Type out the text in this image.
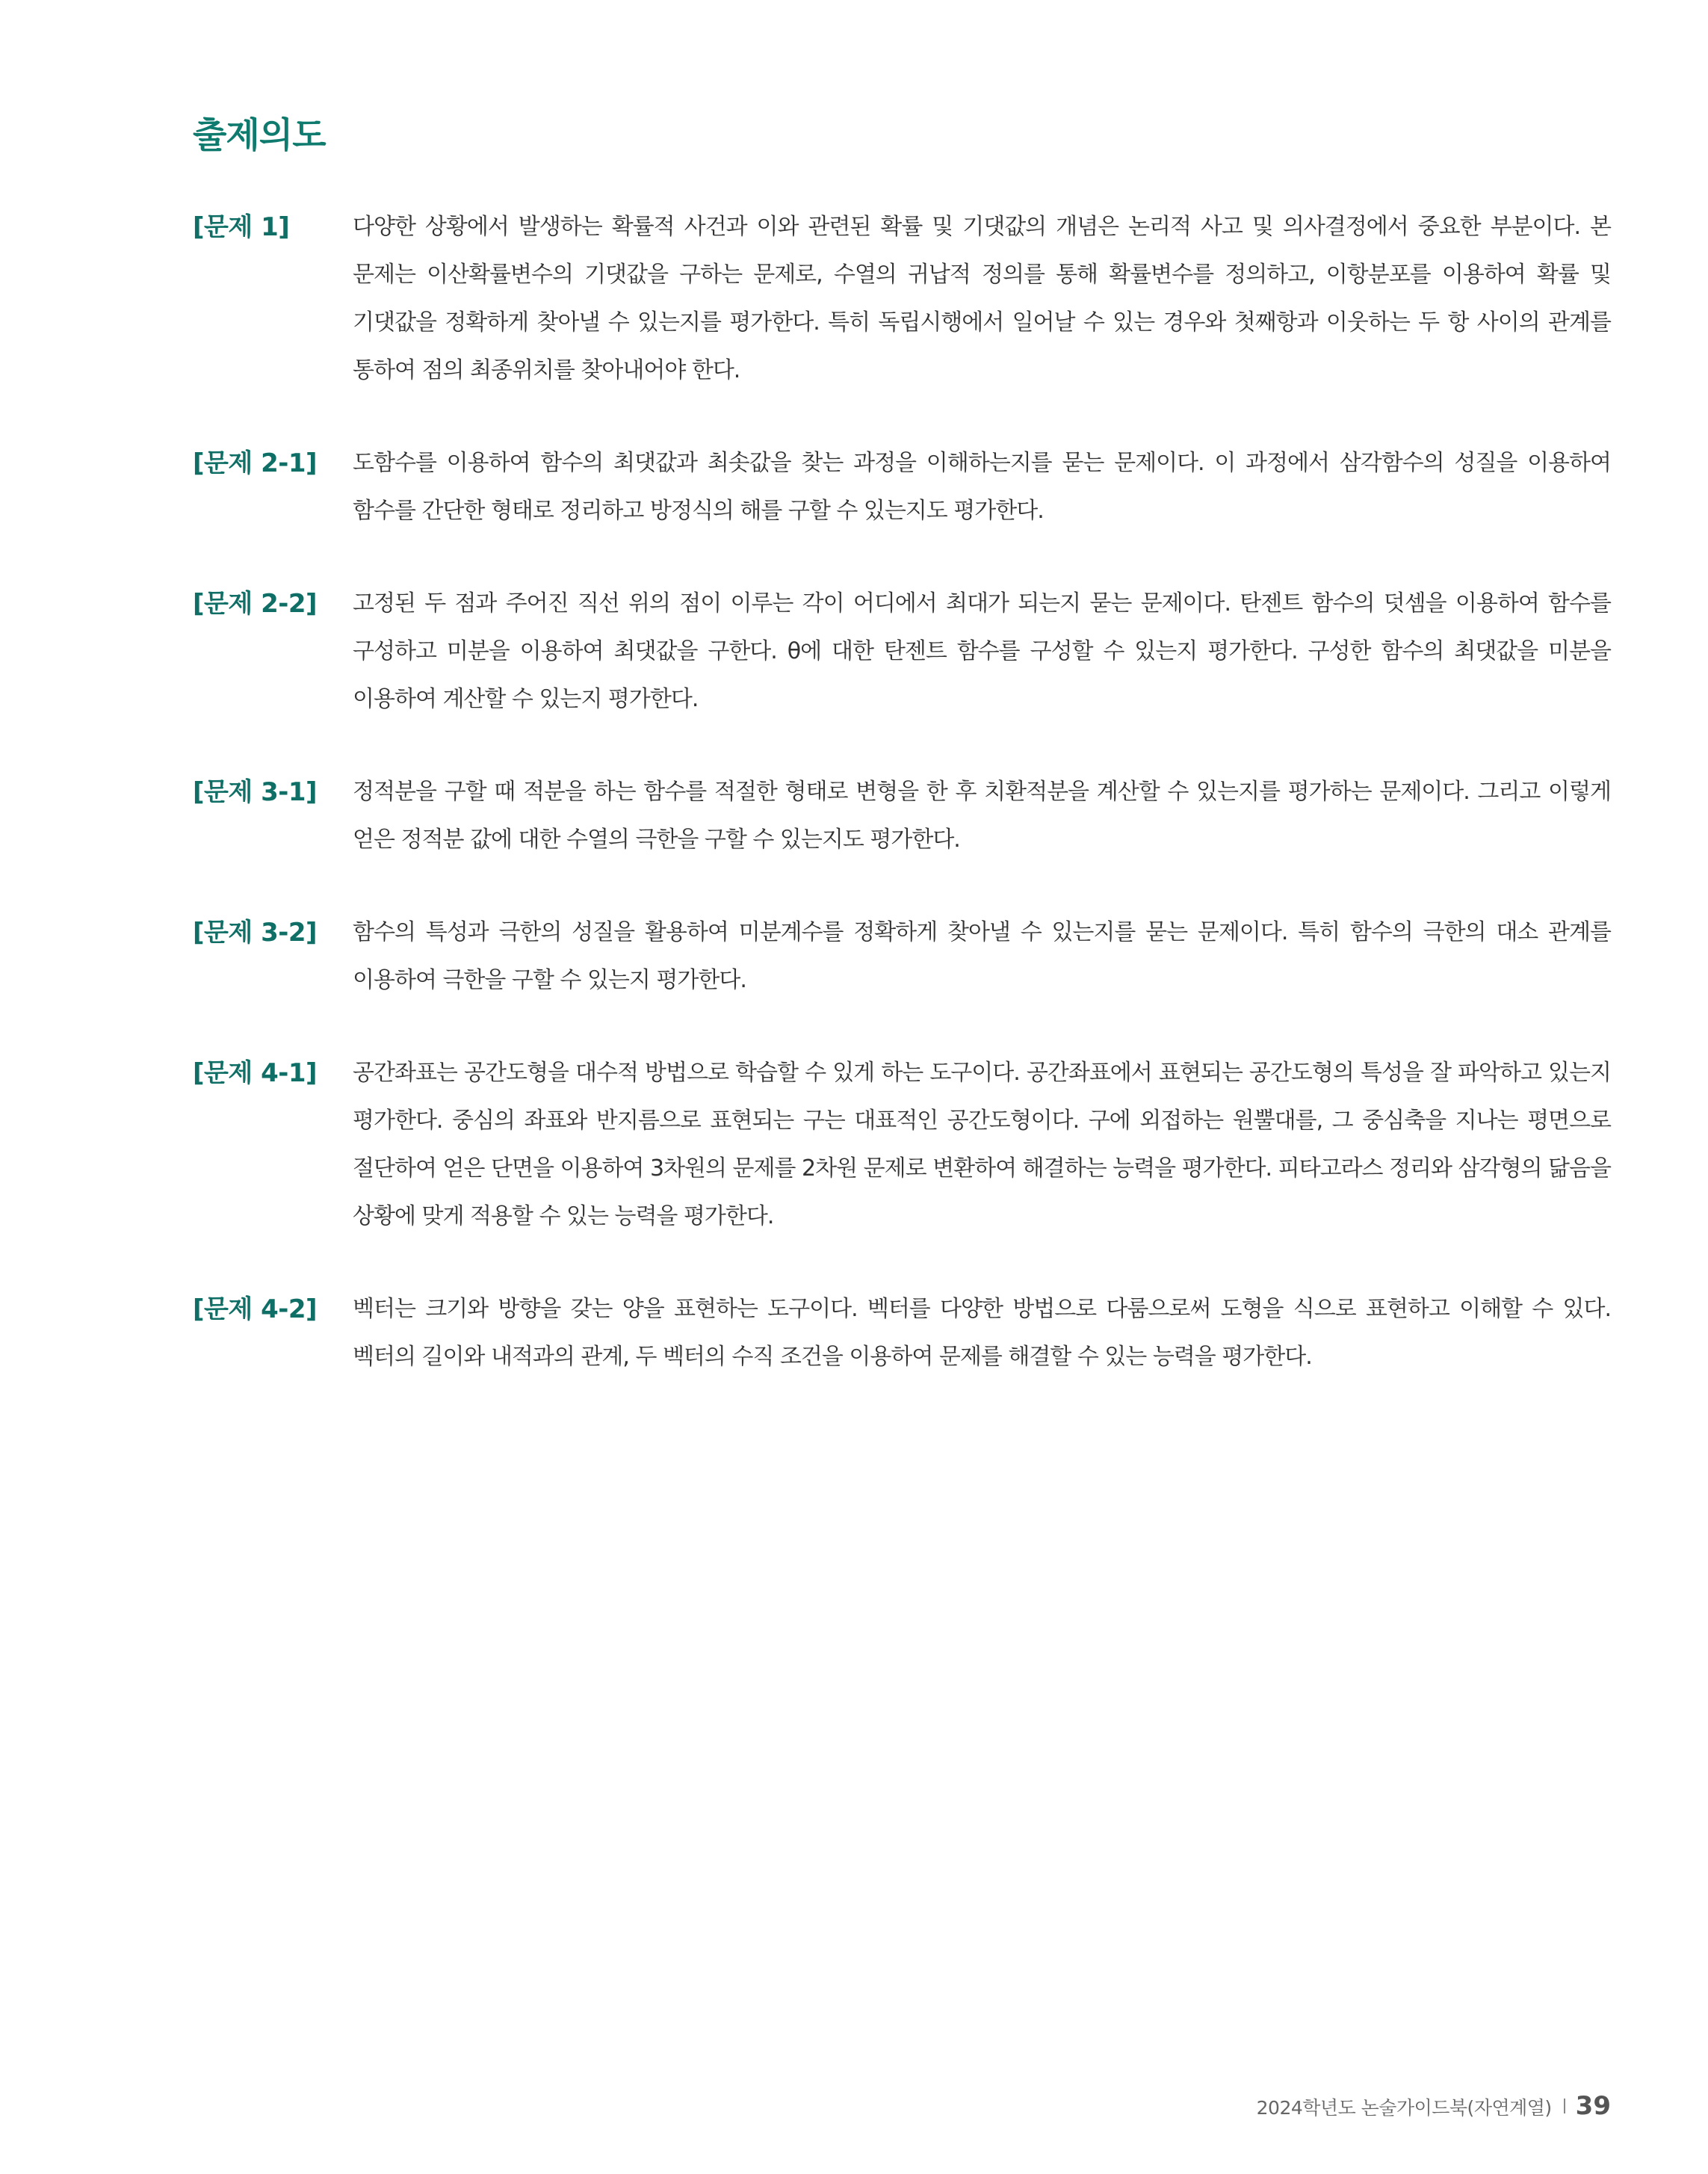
출제의도
[문제 1]	다양한 상황에서 발생하는 확률적 사건과 이와 관련된 확률 및 기댓값의 개념은 논리적 사고 및 의사결정에서 중요한 부분이다. 본 문제는 이산확률변수의 기댓값을 구하는 문제로, 수열의 귀납적 정의를 통해 확률변수를 정의하고, 이항분포를 이용하여 확률 및 기댓값을 정확하게 찾아낼 수 있는지를 평가한다. 특히 독립시행에서 일어날 수 있는 경우와 첫째항과 이웃하는 두 항 사이의 관계를 통하여 점의 최종위치를 찾아내어야 한다.

[문제 2-1]	도함수를 이용하여 함수의 최댓값과 최솟값을 찾는 과정을 이해하는지를 묻는 문제이다. 이 과정에서 삼각함수의 성질을 이용하여 함수를 간단한 형태로 정리하고 방정식의 해를 구할 수 있는지도 평가한다.

[문제 2-2]	고정된 두 점과 주어진 직선 위의 점이 이루는 각이 어디에서 최대가 되는지 묻는 문제이다. 탄젠트 함수의 덧셈을 이용하여 함수를 구성하고 미분을 이용하여 최댓값을 구한다. θ에 대한 탄젠트 함수를 구성할 수 있는지 평가한다. 구성한 함수의 최댓값을 미분을 이용하여 계산할 수 있는지 평가한다.

[문제 3-1]	정적분을 구할 때 적분을 하는 함수를 적절한 형태로 변형을 한 후 치환적분을 계산할 수 있는지를 평가하는 문제이다. 그리고 이렇게 얻은 정적분 값에 대한 수열의 극한을 구할 수 있는지도 평가한다.

[문제 3-2]	함수의 특성과 극한의 성질을 활용하여 미분계수를 정확하게 찾아낼 수 있는지를 묻는 문제이다. 특히 함수의 극한의 대소 관계를 이용하여 극한을 구할 수 있는지 평가한다.

[문제 4-1]	공간좌표는 공간도형을 대수적 방법으로 학습할 수 있게 하는 도구이다. 공간좌표에서 표현되는 공간도형의 특성을 잘 파악하고 있는지 평가한다. 중심의 좌표와 반지름으로 표현되는 구는 대표적인 공간도형이다. 구에 외접하는 원뿔대를, 그 중심축을 지나는 평면으로 절단하여 얻은 단면을 이용하여 3차원의 문제를 2차원 문제로 변환하여 해결하는 능력을 평가한다. 피타고라스 정리와 삼각형의 닮음을 상황에 맞게 적용할 수 있는 능력을 평가한다.

[문제 4-2]	벡터는 크기와 방향을 갖는 양을 표현하는 도구이다. 벡터를 다양한 방법으로 다룸으로써 도형을 식으로 표현하고 이해할 수 있다. 벡터의 길이와 내적과의 관계, 두 벡터의 수직 조건을 이용하여 문제를 해결할 수 있는 능력을 평가한다.

2024학년도 논술가이드북(자연계열) 39
